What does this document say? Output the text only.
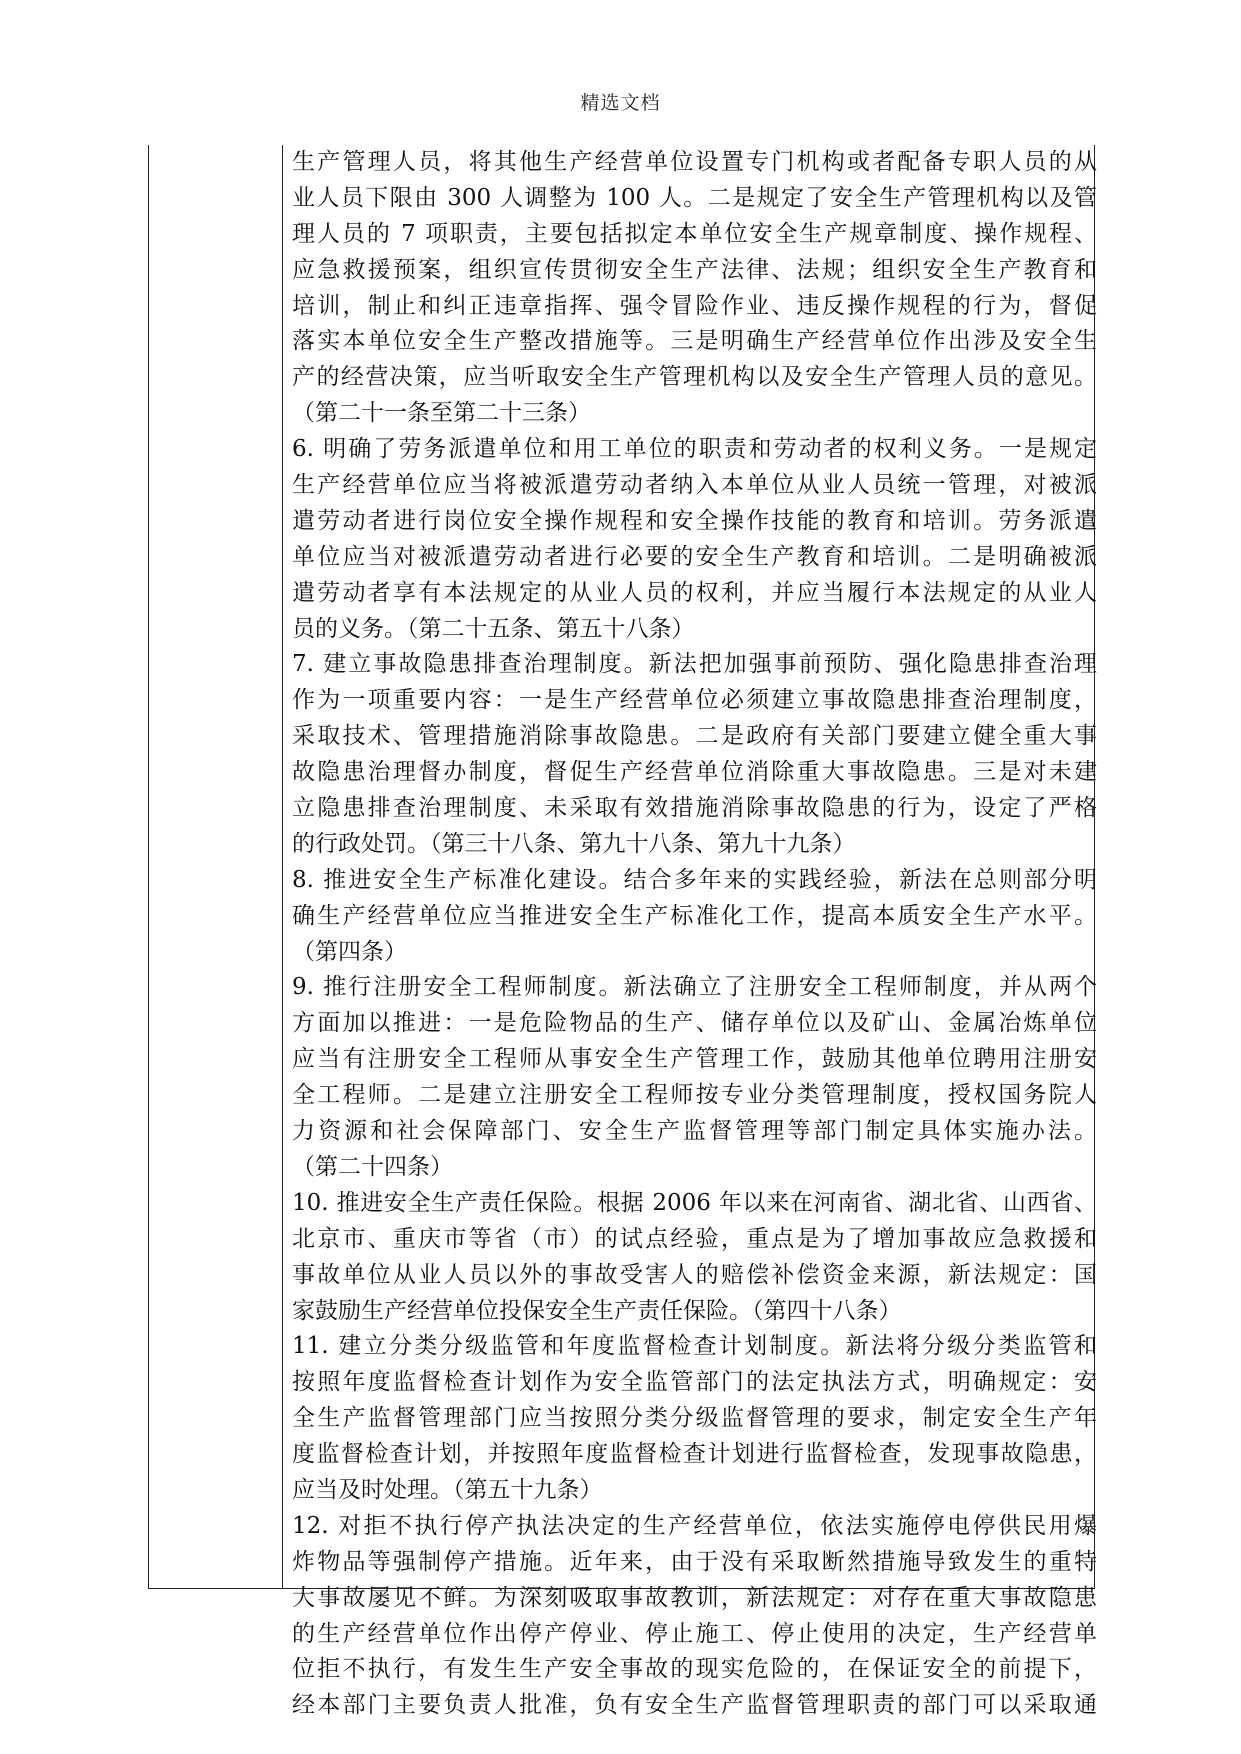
精选文档
生产管理人员，将其他生产经营单位设置专门机构或者配备专职人员的从
业人员下限由 300 人调整为 100 人。二是规定了安全生产管理机构以及管
理人员的 7 项职责，主要包括拟定本单位安全生产规章制度、操作规程、
应急救援预案，组织宣传贯彻安全生产法律、法规；组织安全生产教育和
培训，制止和纠正违章指挥、强令冒险作业、违反操作规程的行为，督促
落实本单位安全生产整改措施等。三是明确生产经营单位作出涉及安全生
产的经营决策，应当听取安全生产管理机构以及安全生产管理人员的意见。
（第二十一条至第二十三条）
6. 明确了劳务派遣单位和用工单位的职责和劳动者的权利义务。一是规定
生产经营单位应当将被派遣劳动者纳入本单位从业人员统一管理，对被派
遣劳动者进行岗位安全操作规程和安全操作技能的教育和培训。劳务派遣
单位应当对被派遣劳动者进行必要的安全生产教育和培训。二是明确被派
遣劳动者享有本法规定的从业人员的权利，并应当履行本法规定的从业人
员的义务。（第二十五条、第五十八条）
7. 建立事故隐患排查治理制度。新法把加强事前预防、强化隐患排查治理
作为一项重要内容：一是生产经营单位必须建立事故隐患排查治理制度，
采取技术、管理措施消除事故隐患。二是政府有关部门要建立健全重大事
故隐患治理督办制度，督促生产经营单位消除重大事故隐患。三是对未建
立隐患排查治理制度、未采取有效措施消除事故隐患的行为，设定了严格
的行政处罚。（第三十八条、第九十八条、第九十九条）
8. 推进安全生产标准化建设。结合多年来的实践经验，新法在总则部分明
确生产经营单位应当推进安全生产标准化工作，提高本质安全生产水平。
（第四条）
9. 推行注册安全工程师制度。新法确立了注册安全工程师制度，并从两个
方面加以推进：一是危险物品的生产、储存单位以及矿山、金属冶炼单位
应当有注册安全工程师从事安全生产管理工作，鼓励其他单位聘用注册安
全工程师。二是建立注册安全工程师按专业分类管理制度，授权国务院人
力资源和社会保障部门、安全生产监督管理等部门制定具体实施办法。
（第二十四条）
10. 推进安全生产责任保险。根据 2006 年以来在河南省、湖北省、山西省、
北京市、重庆市等省（市）的试点经验，重点是为了增加事故应急救援和
事故单位从业人员以外的事故受害人的赔偿补偿资金来源，新法规定：国
家鼓励生产经营单位投保安全生产责任保险。（第四十八条）
11. 建立分类分级监管和年度监督检查计划制度。新法将分级分类监管和
按照年度监督检查计划作为安全监管部门的法定执法方式，明确规定：安
全生产监督管理部门应当按照分类分级监督管理的要求，制定安全生产年
度监督检查计划，并按照年度监督检查计划进行监督检查，发现事故隐患，
应当及时处理。（第五十九条）
12. 对拒不执行停产执法决定的生产经营单位，依法实施停电停供民用爆
炸物品等强制停产措施。近年来，由于没有采取断然措施导致发生的重特
大事故屡见不鲜。为深刻吸取事故教训，新法规定：对存在重大事故隐患
的生产经营单位作出停产停业、停止施工、停止使用的决定，生产经营单
位拒不执行，有发生生产安全事故的现实危险的，在保证安全的前提下，
经本部门主要负责人批准，负有安全生产监督管理职责的部门可以采取通
